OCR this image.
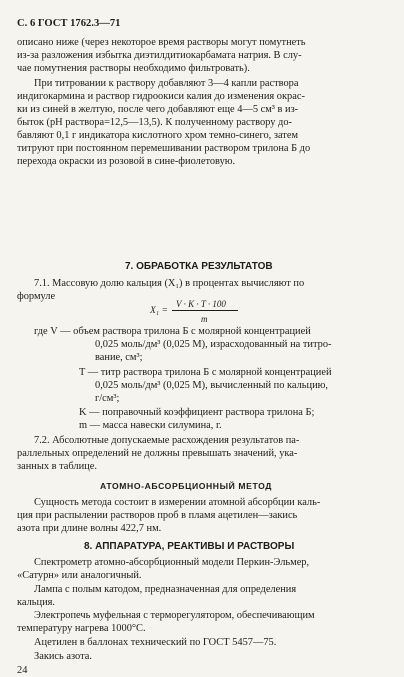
С. 6 ГОСТ 1762.3—71
описано ниже (через некоторое время растворы могут помутнеть
из-за разложения избытка диэтилдитиокарбамата натрия. В слу-
чае помутнения растворы необходимо фильтровать).
При титровании к раствору добавляют 3—4 капли раствора
индигокармина и раствор гидроокиси калия до изменения окрас-
ки из синей в желтую, после чего добавляют еще 4—5 см³ в из-
быток (pH раствора=12,5—13,5). К полученному раствору до-
бавляют 0,1 г индикатора кислотного хром темно-синего, затем
титруют при постоянном перемешивании раствором трилона Б до
перехода окраски из розовой в сине-фиолетовую.
7. ОБРАБОТКА РЕЗУЛЬТАТОВ
7.1. Массовую долю кальция (X₁) в процентах вычисляют по
формуле
X₁ =
V · K · T · 100
m
где V — объем раствора трилона Б с молярной концентрацией
0,025 моль/дм³ (0,025 М), израсходованный на титро-
вание, см³;
T — титр раствора трилона Б с молярной концентрацией
0,025 моль/дм³ (0,025 М), вычисленный по кальцию,
г/см³;
K — поправочный коэффициент раствора трилона Б;
m — масса навески силумина, г.
7.2. Абсолютные допускаемые расхождения результатов па-
раллельных определений не должны превышать значений, ука-
занных в таблице.
АТОМНО-АБСОРБЦИОННЫЙ МЕТОД
Сущность метода состоит в измерении атомной абсорбции каль-
ция при распылении растворов проб в пламя ацетилен—закись
азота при длине волны 422,7 нм.
8. АППАРАТУРА, РЕАКТИВЫ И РАСТВОРЫ
Спектрометр атомно-абсорбционный модели Перкин-Эльмер,
«Сатурн» или аналогичный.
Лампа с полым катодом, предназначенная для определения
кальция.
Электропечь муфельная с терморегулятором, обеспечивающим
температуру нагрева 1000°С.
Ацетилен в баллонах технический по ГОСТ 5457—75.
Закись азота.
24
